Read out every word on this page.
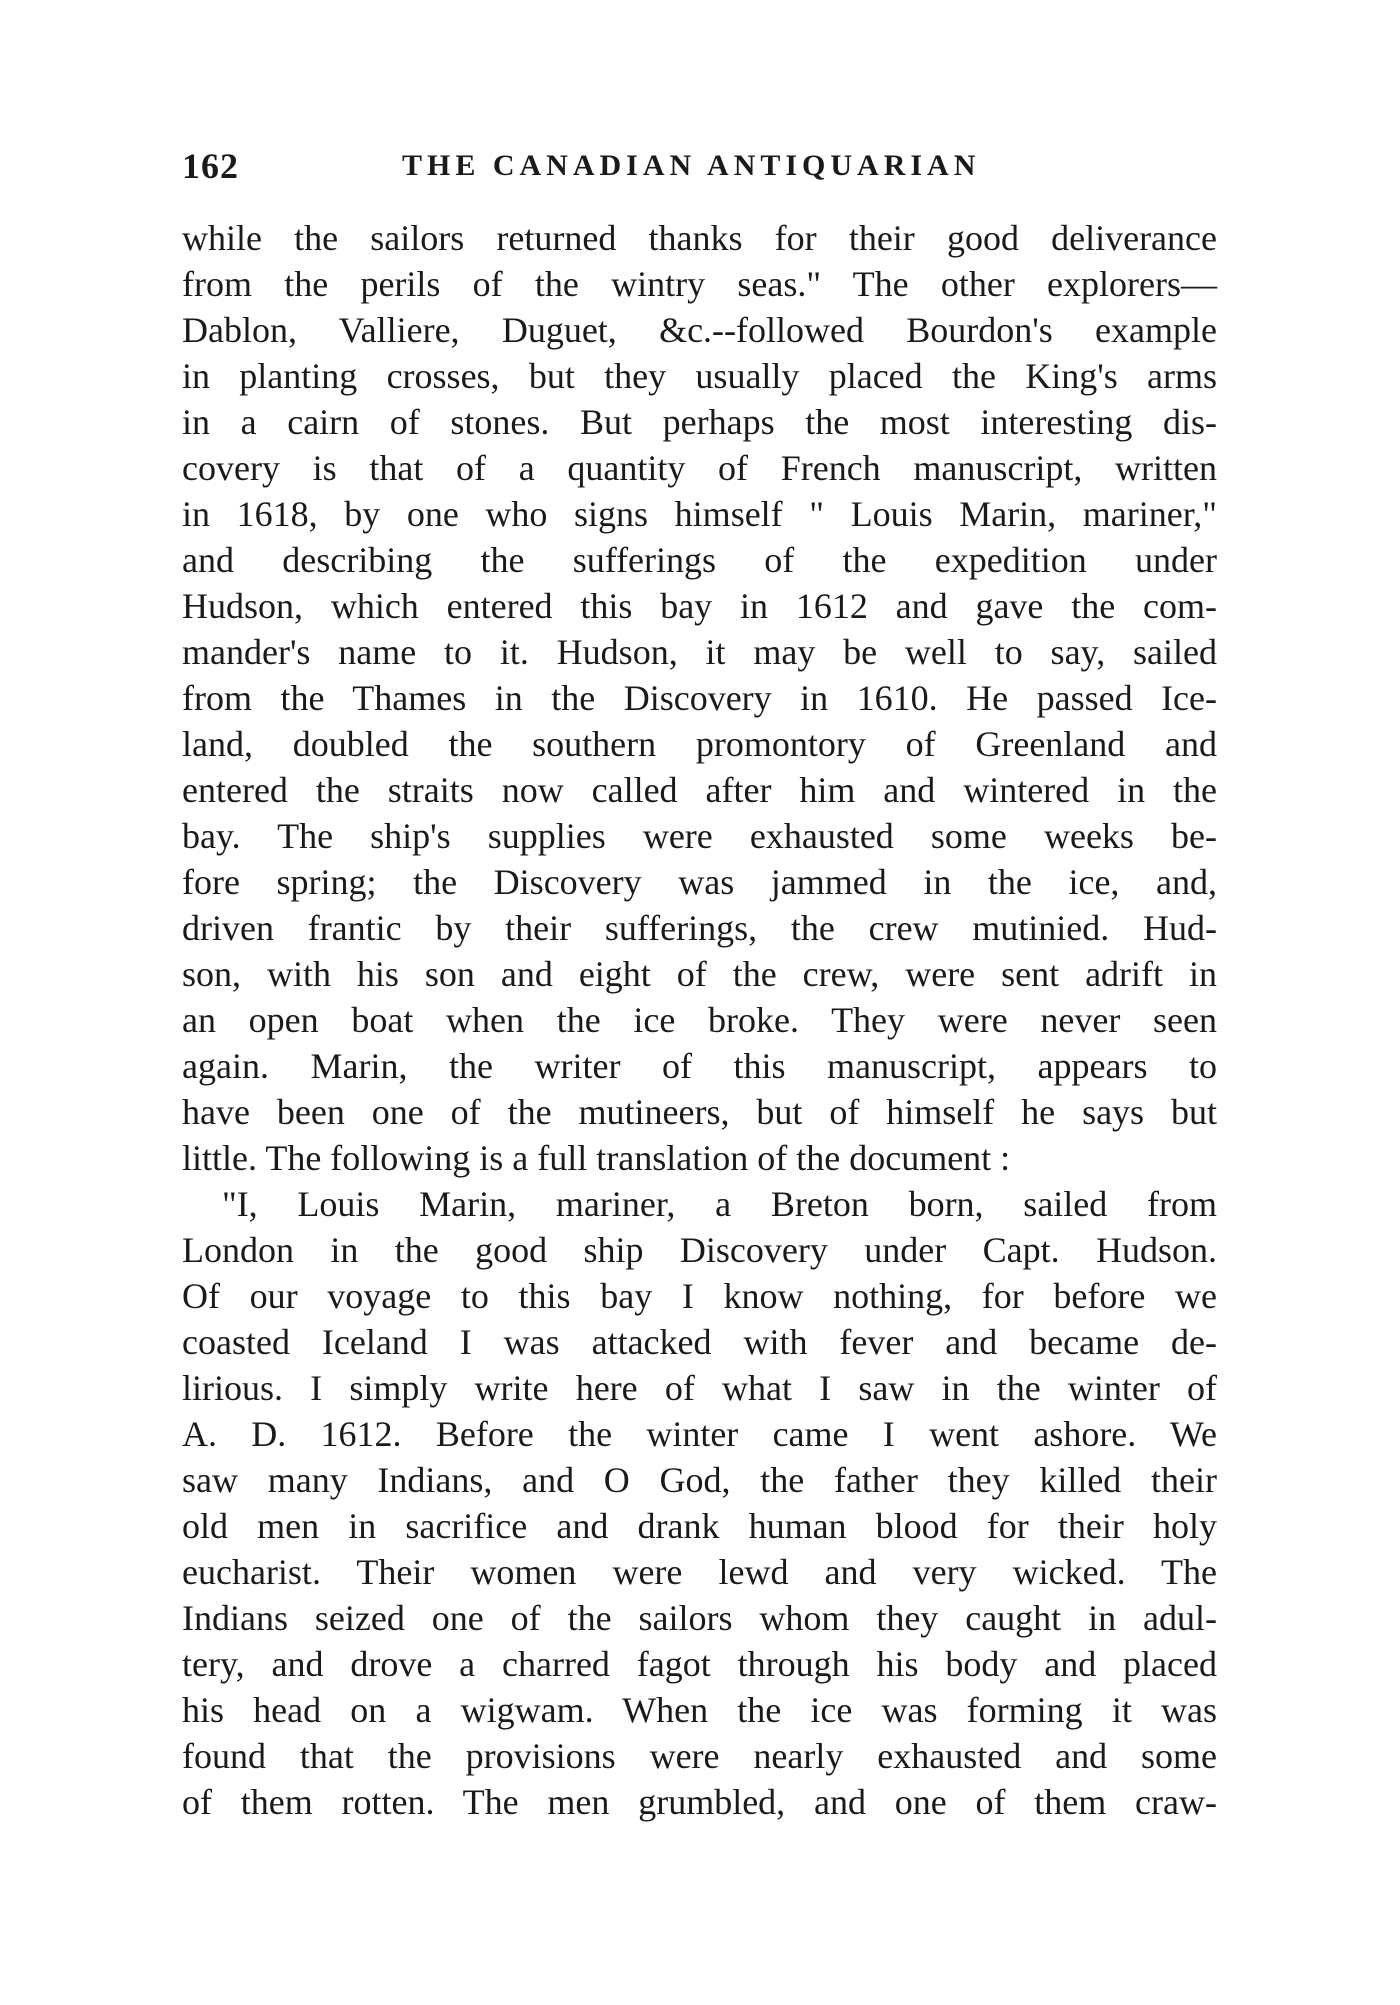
162	THE CANADIAN ANTIQUARIAN
while the sailors returned thanks for their good deliverance
from the perils of the wintry seas." The other explorers—
Dablon, Valliere, Duguet, &c.--followed Bourdon's example
in planting crosses, but they usually placed the King's arms
in a cairn of stones. But perhaps the most interesting dis-
covery is that of a quantity of French manuscript, written
in 1618, by one who signs himself " Louis Marin, mariner,"
and describing the sufferings of the expedition under
Hudson, which entered this bay in 1612 and gave the com-
mander's name to it. Hudson, it may be well to say, sailed
from the Thames in the Discovery in 1610. He passed Ice-
land, doubled the southern promontory of Greenland and
entered the straits now called after him and wintered in the
bay. The ship's supplies were exhausted some weeks be-
fore spring; the Discovery was jammed in the ice, and,
driven frantic by their sufferings, the crew mutinied. Hud-
son, with his son and eight of the crew, were sent adrift in
an open boat when the ice broke. They were never seen
again. Marin, the writer of this manuscript, appears to
have been one of the mutineers, but of himself he says but
little. The following is a full translation of the document :
"I, Louis Marin, mariner, a Breton born, sailed from
London in the good ship Discovery under Capt. Hudson.
Of our voyage to this bay I know nothing, for before we
coasted Iceland I was attacked with fever and became de-
lirious. I simply write here of what I saw in the winter of
A. D. 1612. Before the winter came I went ashore. We
saw many Indians, and O God, the father they killed their
old men in sacrifice and drank human blood for their holy
eucharist. Their women were lewd and very wicked. The
Indians seized one of the sailors whom they caught in adul-
tery, and drove a charred fagot through his body and placed
his head on a wigwam. When the ice was forming it was
found that the provisions were nearly exhausted and some
of them rotten. The men grumbled, and one of them craw-
